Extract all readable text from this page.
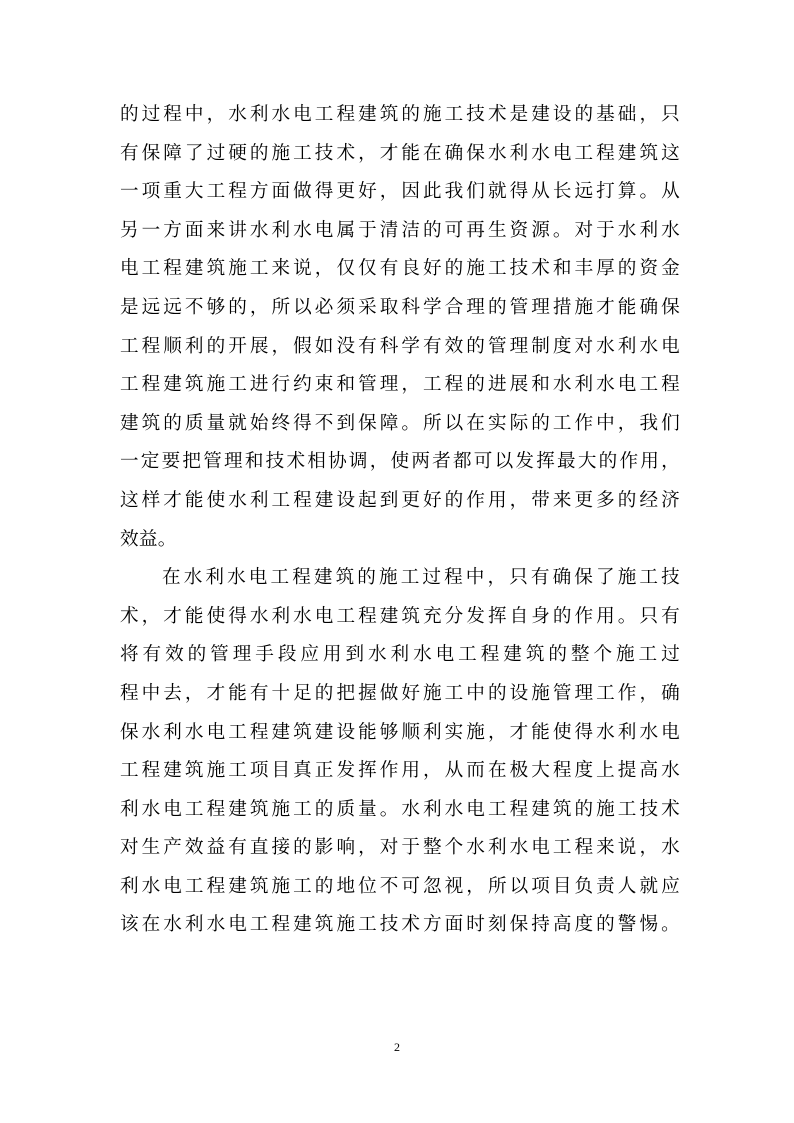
的过程中，水利水电工程建筑的施工技术是建设的基础，只
有保障了过硬的施工技术，才能在确保水利水电工程建筑这
一项重大工程方面做得更好，因此我们就得从长远打算。从
另一方面来讲水利水电属于清洁的可再生资源。对于水利水
电工程建筑施工来说，仅仅有良好的施工技术和丰厚的资金
是远远不够的，所以必须采取科学合理的管理措施才能确保
工程顺利的开展，假如没有科学有效的管理制度对水利水电
工程建筑施工进行约束和管理，工程的进展和水利水电工程
建筑的质量就始终得不到保障。所以在实际的工作中，我们
一定要把管理和技术相协调，使两者都可以发挥最大的作用，
这样才能使水利工程建设起到更好的作用，带来更多的经济
效益。
在水利水电工程建筑的施工过程中，只有确保了施工技
术，才能使得水利水电工程建筑充分发挥自身的作用。只有
将有效的管理手段应用到水利水电工程建筑的整个施工过
程中去，才能有十足的把握做好施工中的设施管理工作，确
保水利水电工程建筑建设能够顺利实施，才能使得水利水电
工程建筑施工项目真正发挥作用，从而在极大程度上提高水
利水电工程建筑施工的质量。水利水电工程建筑的施工技术
对生产效益有直接的影响，对于整个水利水电工程来说，水
利水电工程建筑施工的地位不可忽视，所以项目负责人就应
该在水利水电工程建筑施工技术方面时刻保持高度的警惕。
2
